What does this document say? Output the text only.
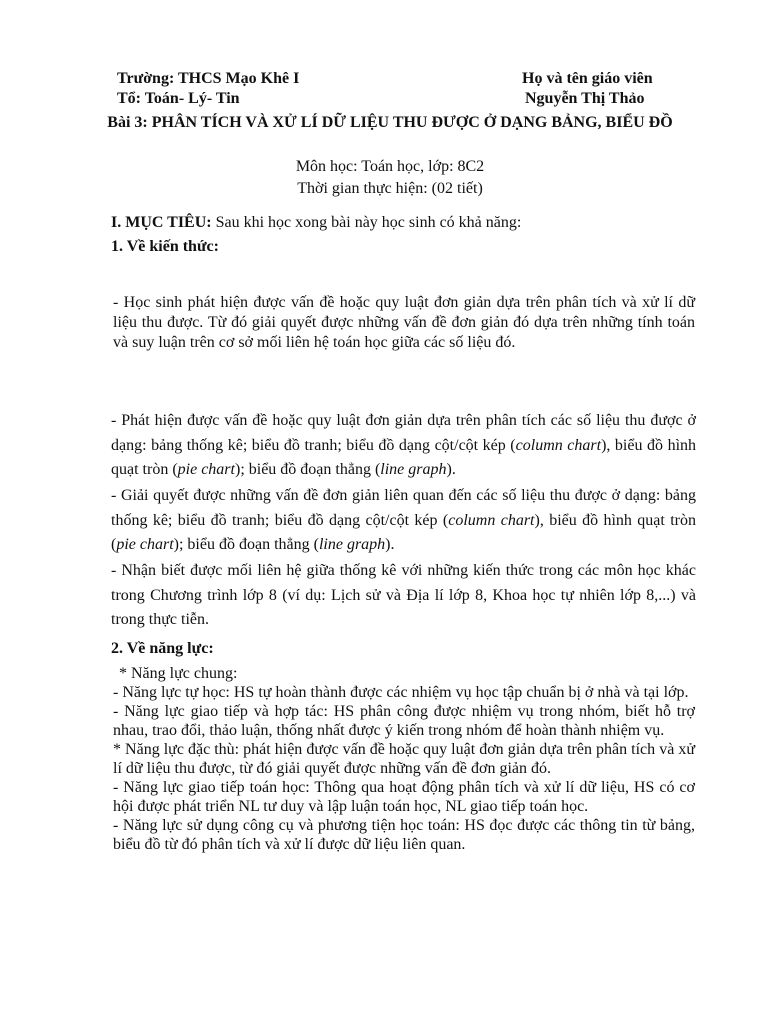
Trường: THCS Mạo Khê I	Họ và tên giáo viên
Tổ: Toán- Lý- Tin	Nguyễn Thị Thảo
Bài 3: PHÂN TÍCH VÀ XỬ LÍ DỮ LIỆU THU ĐƯỢC Ở DẠNG BẢNG, BIỂU ĐỒ
Môn học: Toán học, lớp: 8C2
Thời gian thực hiện: (02 tiết)
I. MỤC TIÊU: Sau khi học xong bài này học sinh có khả năng:
1. Về kiến thức:
- Học sinh phát hiện được vấn đề hoặc quy luật đơn giản dựa trên phân tích và xử lí dữ liệu thu được. Từ đó giải quyết được những vấn đề đơn giản đó dựa trên những tính toán và suy luận trên cơ sở mối liên hệ toán học giữa các số liệu đó.
- Phát hiện được vấn đề hoặc quy luật đơn giản dựa trên phân tích các số liệu thu được ở dạng: bảng thống kê; biểu đồ tranh; biểu đồ dạng cột/cột kép (column chart), biểu đồ hình quạt tròn (pie chart); biểu đồ đoạn thẳng (line graph).
- Giải quyết được những vấn đề đơn giản liên quan đến các số liệu thu được ở dạng: bảng thống kê; biểu đồ tranh; biểu đồ dạng cột/cột kép (column chart), biểu đồ hình quạt tròn (pie chart); biểu đồ đoạn thẳng (line graph).
- Nhận biết được mối liên hệ giữa thống kê với những kiến thức trong các môn học khác trong Chương trình lớp 8 (ví dụ: Lịch sử và Địa lí lớp 8, Khoa học tự nhiên lớp 8,...) và trong thực tiễn.
2. Về năng lực:
* Năng lực chung:
- Năng lực tự học: HS tự hoàn thành được các nhiệm vụ học tập chuẩn bị ở nhà và tại lớp.
- Năng lực giao tiếp và hợp tác: HS phân công được nhiệm vụ trong nhóm, biết hỗ trợ nhau, trao đổi, thảo luận, thống nhất được ý kiến trong nhóm để hoàn thành nhiệm vụ.
* Năng lực đặc thù: phát hiện được vấn đề hoặc quy luật đơn giản dựa trên phân tích và xử lí dữ liệu thu được, từ đó giải quyết được những vấn đề đơn giản đó.
- Năng lực giao tiếp toán học: Thông qua hoạt động phân tích và xử lí dữ liệu, HS có cơ hội được phát triển NL tư duy và lập luận toán học, NL giao tiếp toán học.
- Năng lực sử dụng công cụ và phương tiện học toán: HS đọc được các thông tin từ bảng, biểu đồ từ đó phân tích và xử lí được dữ liệu liên quan.
